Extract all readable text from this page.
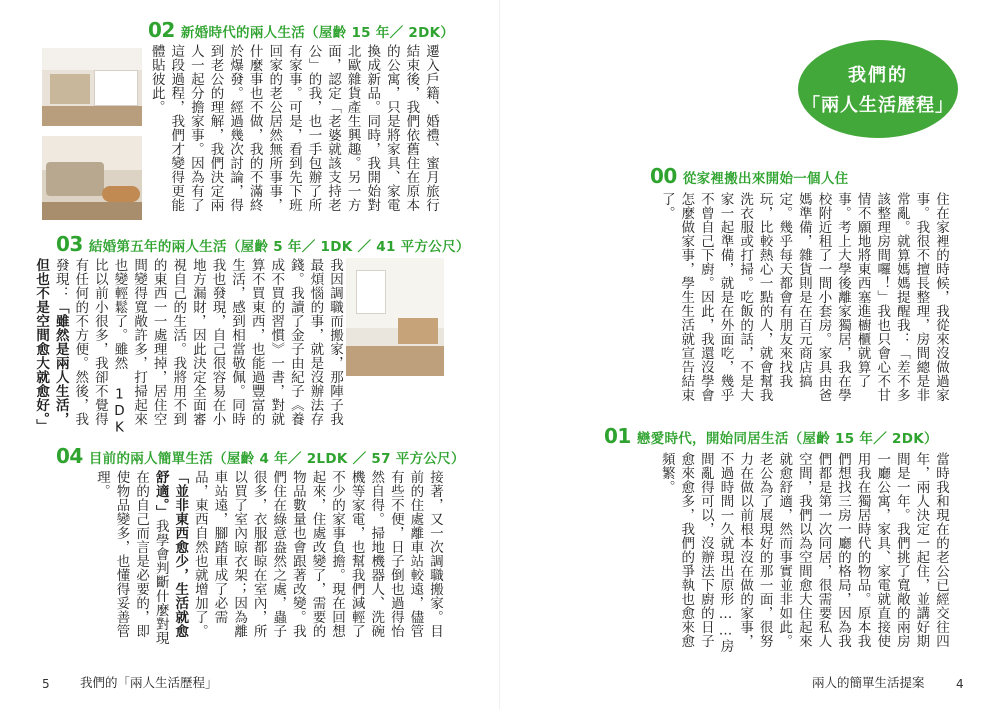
02 新婚時代的兩人生活（屋齡 15 年／ 2DK）
遷入戶籍、婚禮、蜜月旅行結束後，我們依舊住在原本的公寓，只是將家具、家電換成新品。同時，我開始對北歐雜貨產生興趣。另一方面，認定「老婆就該支持老公」的我，也一手包辦了所有家事。可是，看到先下班回家的老公居然無所事事，什麼事也不做，我的不滿終於爆發。經過幾次討論，得到老公的理解，我們決定兩人一起分擔家事。因為有了這段過程，我們才變得更能體貼彼此。
03 結婚第五年的兩人生活（屋齡 5 年／ 1DK ／ 41 平方公尺）
我因調職而搬家，那陣子我最煩惱的事，就是沒辦法存錢。我讀了金子由紀子《養成不買的習慣》一書，對就算不買東西，也能過豐富的生活，感到相當敬佩。同時我也發現，自己很容易在小地方漏財，因此決定全面審視自己的生活。我將用不到的東西一一處理掉，居住空間變得寬敞許多，打掃起來也變輕鬆了。雖然 1DK 比以前小很多，我卻不覺得有任何的不方便。然後，我發現：「雖然是兩人生活，但也不是空間愈大就愈好。」
04 目前的兩人簡單生活（屋齡 4 年／ 2LDK ／ 57 平方公尺）
接著，又一次調職搬家。目前的住處離車站較遠，儘管有些不便，日子倒也過得怡然自得。掃地機器人、洗碗機等家電，也幫我們減輕了不少的家事負擔。現在回想起來，住處改變了，需要的物品數量也會跟著改變。我們住在綠意盎然之處，蟲子很多，衣服都晾在室內，所以買了室內晾衣架；因為離車站遠，腳踏車成了必需品，東西自然也就增加了。「並非東西愈少，生活就愈舒適。」我學會判斷什麼對現在的自己而言是必要的，即使物品變多，也懂得妥善管理。
5 我們的「兩人生活歷程」
我們的
「兩人生活歷程」
00 從家裡搬出來開始一個人住
住在家裡的時候，我從來沒做過家事。我很不擅長整理，房間總是非常亂。就算媽媽提醒我：「差不多該整理房間囉！」我也只會心不甘情不願地將東西塞進櫥櫃就算了事。考上大學後離家獨居，我在學校附近租了一間小套房。家具由爸媽準備，雜貨則是在百元商店搞定。幾乎每天都會有朋友來找我玩，比較熱心一點的人，就會幫我洗衣服或打掃。吃飯的話，不是大家一起準備，就是在外面吃，幾乎不曾自己下廚。因此，我還沒學會怎麼做家事，學生生活就宣告結束了。
01 戀愛時代，開始同居生活（屋齡 15 年／ 2DK）
當時我和現在的老公已經交往四年，兩人決定一起住，並講好期間是一年。我們挑了寬敞的兩房一廳公寓，家具、家電就直接使用我在獨居時代的物品。原本我們想找三房一廳的格局，因為我們都是第一次同居，很需要私人空間，我們以為空間愈大住起來就愈舒適，然而事實並非如此。老公為了展現好的那一面，很努力在做以前根本沒在做的家事，不過時間一久就現出原形……房間亂得可以，沒辦法下廚的日子愈來愈多，我們的爭執也愈來愈頻繁。
兩人的簡單生活提案	4
